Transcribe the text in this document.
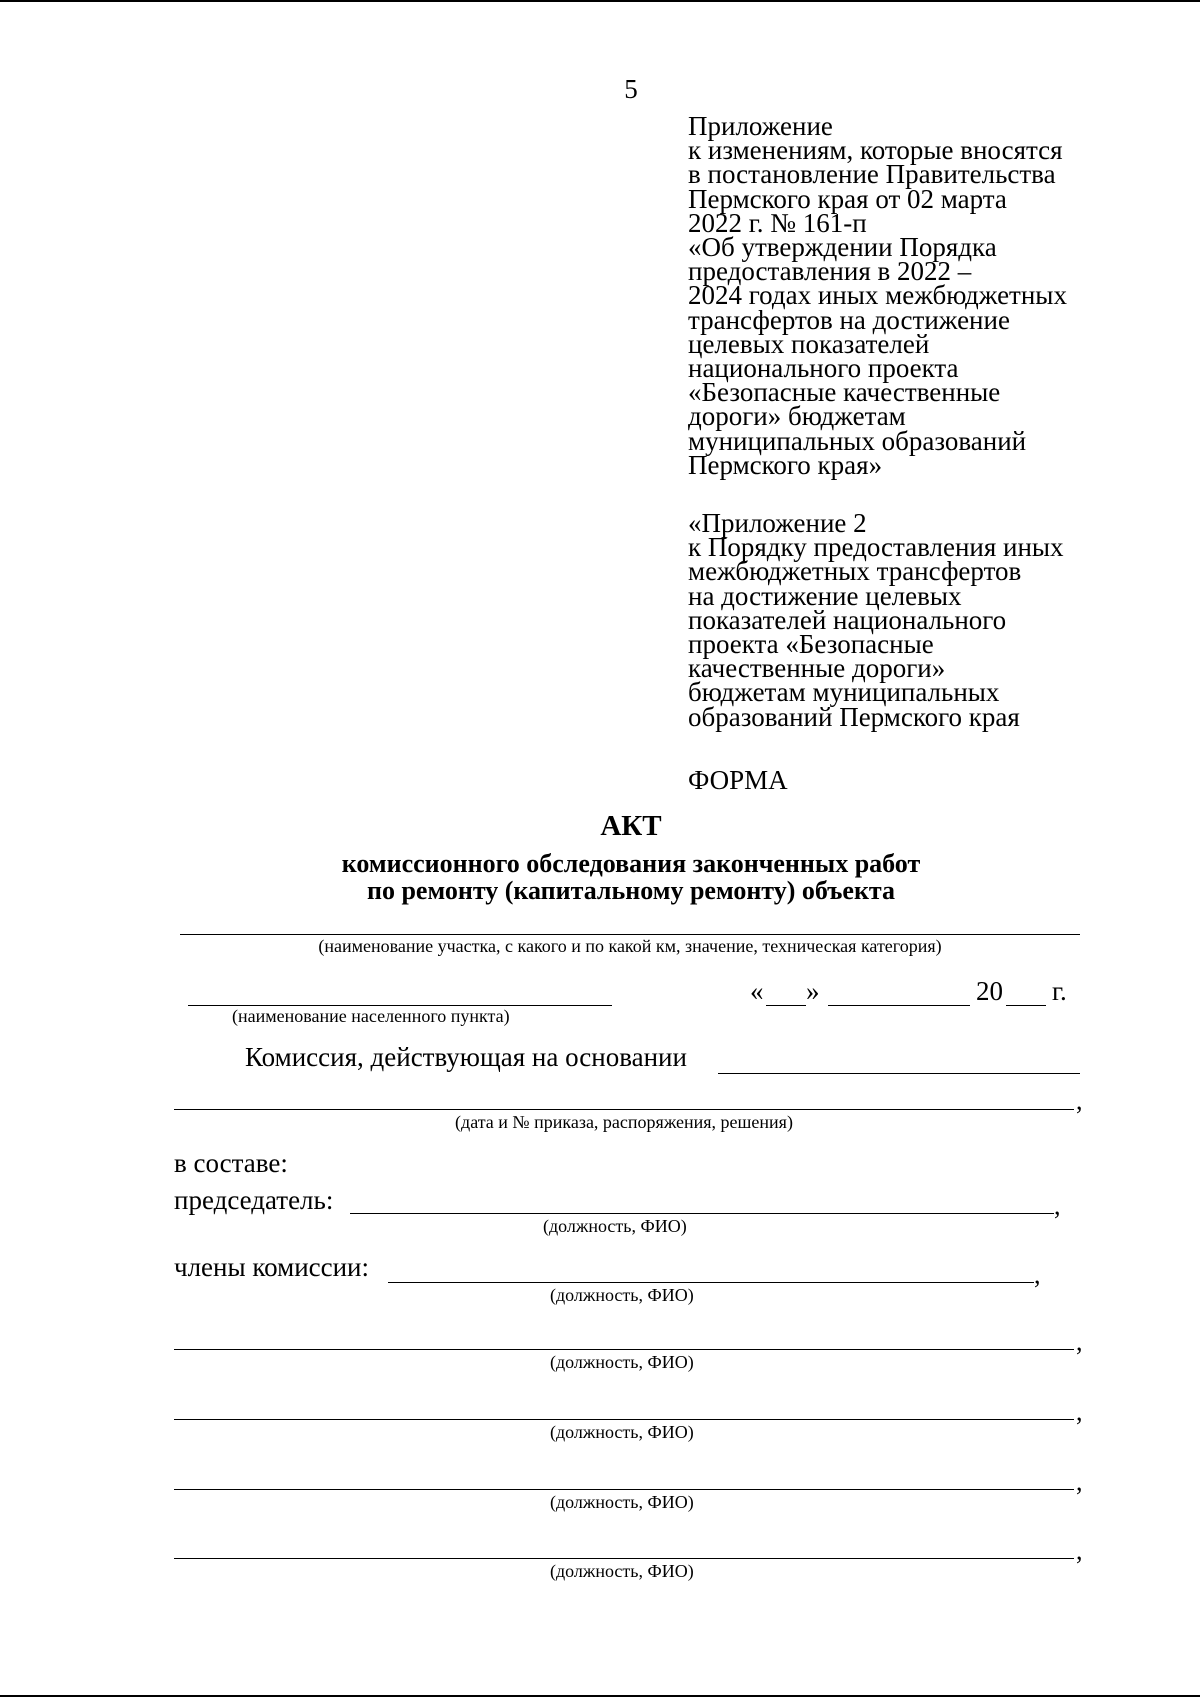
5
Приложение
к изменениям, которые вносятся
в постановление Правительства
Пермского края от 02 марта
2022 г. № 161-п
«Об утверждении Порядка
предоставления в 2022 –
2024 годах иных межбюджетных
трансфертов на достижение
целевых показателей
национального проекта
«Безопасные качественные
дороги» бюджетам
муниципальных образований
Пермского края»
«Приложение 2
к Порядку предоставления иных
межбюджетных трансфертов
на достижение целевых
показателей национального
проекта «Безопасные
качественные дороги»
бюджетам муниципальных
образований Пермского края
ФОРМА
АКТ
комиссионного обследования законченных работ
по ремонту (капитальному ремонту) объекта
(наименование участка, с какого и по какой км, значение, техническая категория)
(наименование населенного пункта)
« »	20 г.
Комиссия, действующая на основании
,
(дата и № приказа, распоряжения, решения)
в составе:
председатель:	,
(должность, ФИО)
члены комиссии:	,
(должность, ФИО)
,
(должность, ФИО)
,
(должность, ФИО)
,
(должность, ФИО)
,
(должность, ФИО)
